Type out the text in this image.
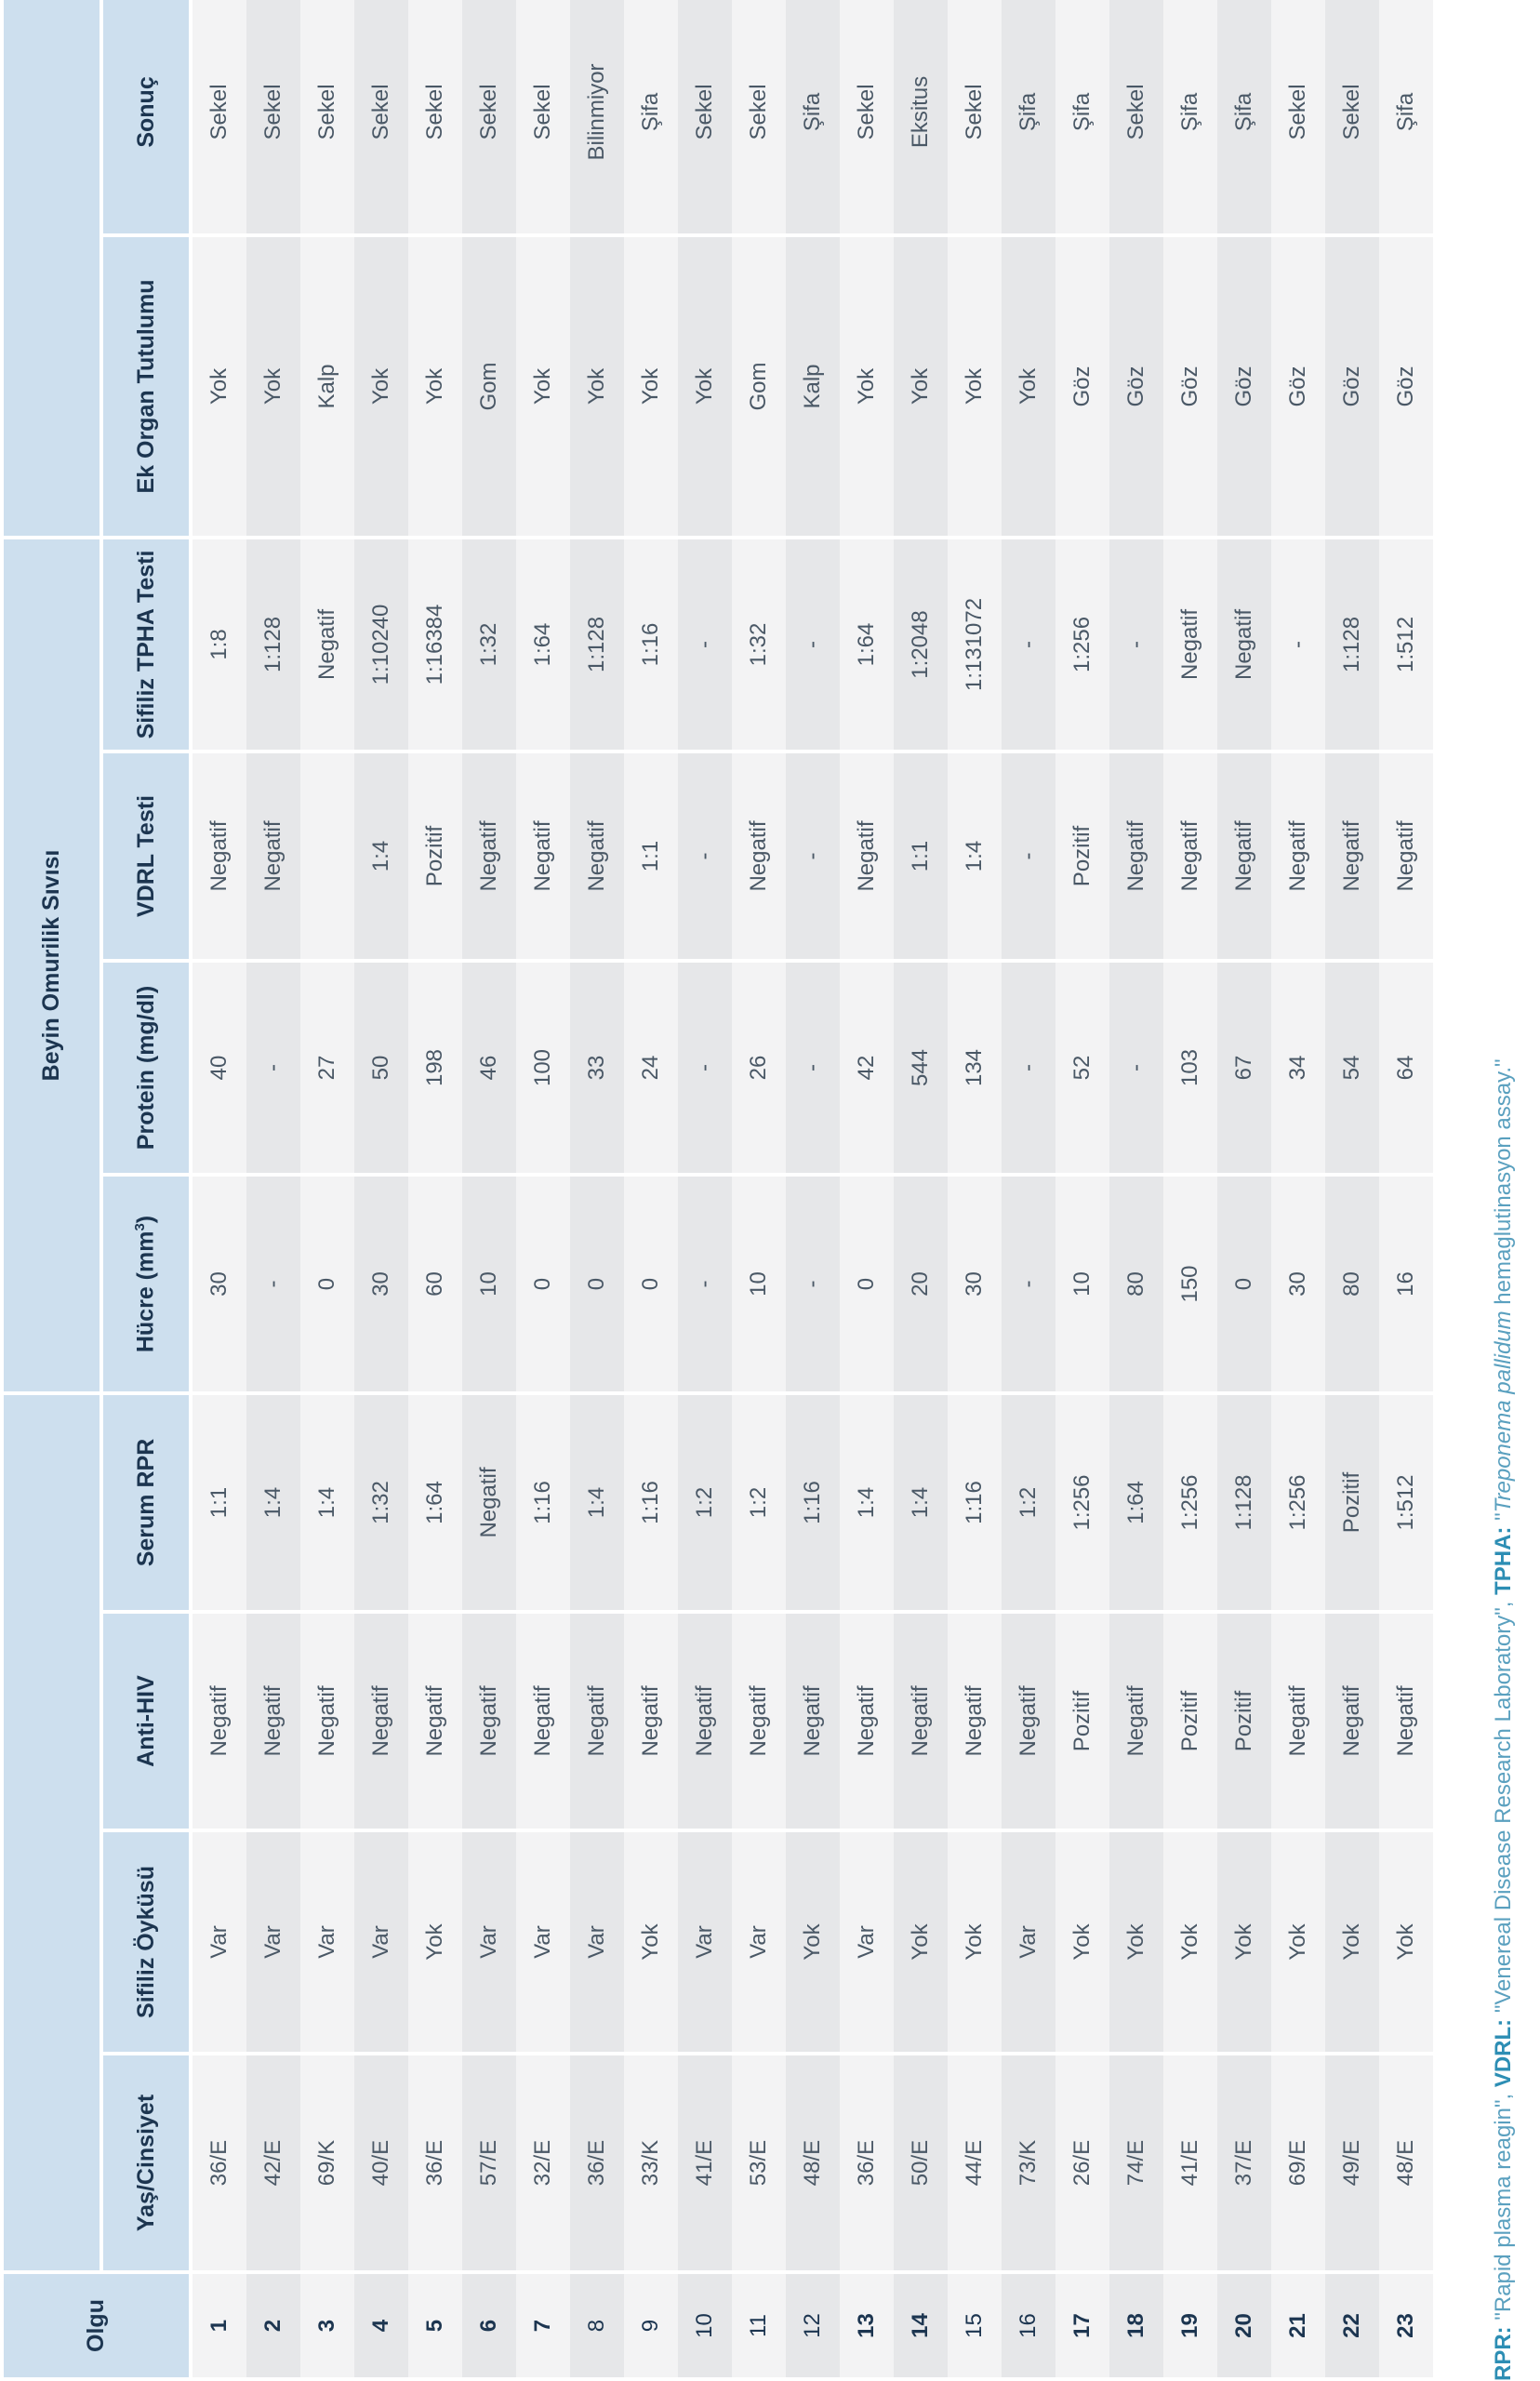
Olgu					Beyin Omurilik Sıvısı					
	Yaş/Cinsiyet	Sifiliz Öyküsü	Anti-HIV	Serum RPR	Hücre $(mm^3)$	Protein (mg/dl)	VDRL Testi	Sifiliz TPHA Testi	Ek Organ Tutulumu	Sonuç
1	36/E	Var	Negatif	1:1	30	40	Negatif	1:8	Yok	Sekel
2	42/E	Var	Negatif	1:4	-	-	Negatif	1:128	Yok	Sekel
3	69/K	Var	Negatif	1:4	0	27		Negatif	Kalp	Sekel
4	40/E	Var	Negatif	1:32	30	50	1:4	1:10240	Yok	Sekel
5	36/E	Yok	Negatif	1:64	60	198	Pozitif	1:16384	Yok	Sekel
6	57/E	Var	Negatif	Negatif	10	46	Negatif	1:32	Gom	Sekel
7	32/E	Var	Negatif	1:16	0	100	Negatif	1:64	Yok	Sekel
8	36/E	Var	Negatif	1:4	0	33	Negatif	1:128	Yok	Bilinmiyor
9	33/K	Yok	Negatif	1:16	0	24	1:1	1:16	Yok	Şifa
10	41/E	Var	Negatif	1:2	-	-	-	-	Yok	Sekel
11	53/E	Var	Negatif	1:2	10	26	Negatif	1:32	Gom	Sekel
12	48/E	Yok	Negatif	1:16	-	-	-	-	Kalp	Şifa
13	36/E	Var	Negatif	1:4	0	42	Negatif	1:64	Yok	Sekel
14	50/E	Yok	Negatif	1:4	20	544	1:1	1:2048	Yok	Eksitus
15	44/E	Yok	Negatif	1:16	30	134	1:4	1:131072	Yok	Sekel
16	73/K	Var	Negatif	1:2	-	-	-	-	Yok	Şifa
17	26/E	Yok	Pozitif	1:256	10	52	Pozitif	1:256	Göz	Şifa
18	74/E	Yok	Negatif	1:64	80	-	Negatif	-	Göz	Sekel
19	41/E	Yok	Pozitif	1:256	150	103	Negatif	Negatif	Göz	Şifa
20	37/E	Yok	Pozitif	1:128	0	67	Negatif	Negatif	Göz	Şifa
21	69/E	Yok	Negatif	1:256	30	34	Negatif	-	Göz	Sekel
22	49/E	Yok	Negatif	Pozitif	80	54	Negatif	1:128	Göz	Sekel
23	48/E	Yok	Negatif	1:512	16	64	Negatif	1:512	Göz	Şifa
RPR: "Rapid plasma reagin", VDRL: "Venereal Disease Research Laboratory", TPHA: "Treponema pallidum hemaglutinasyon assay."
